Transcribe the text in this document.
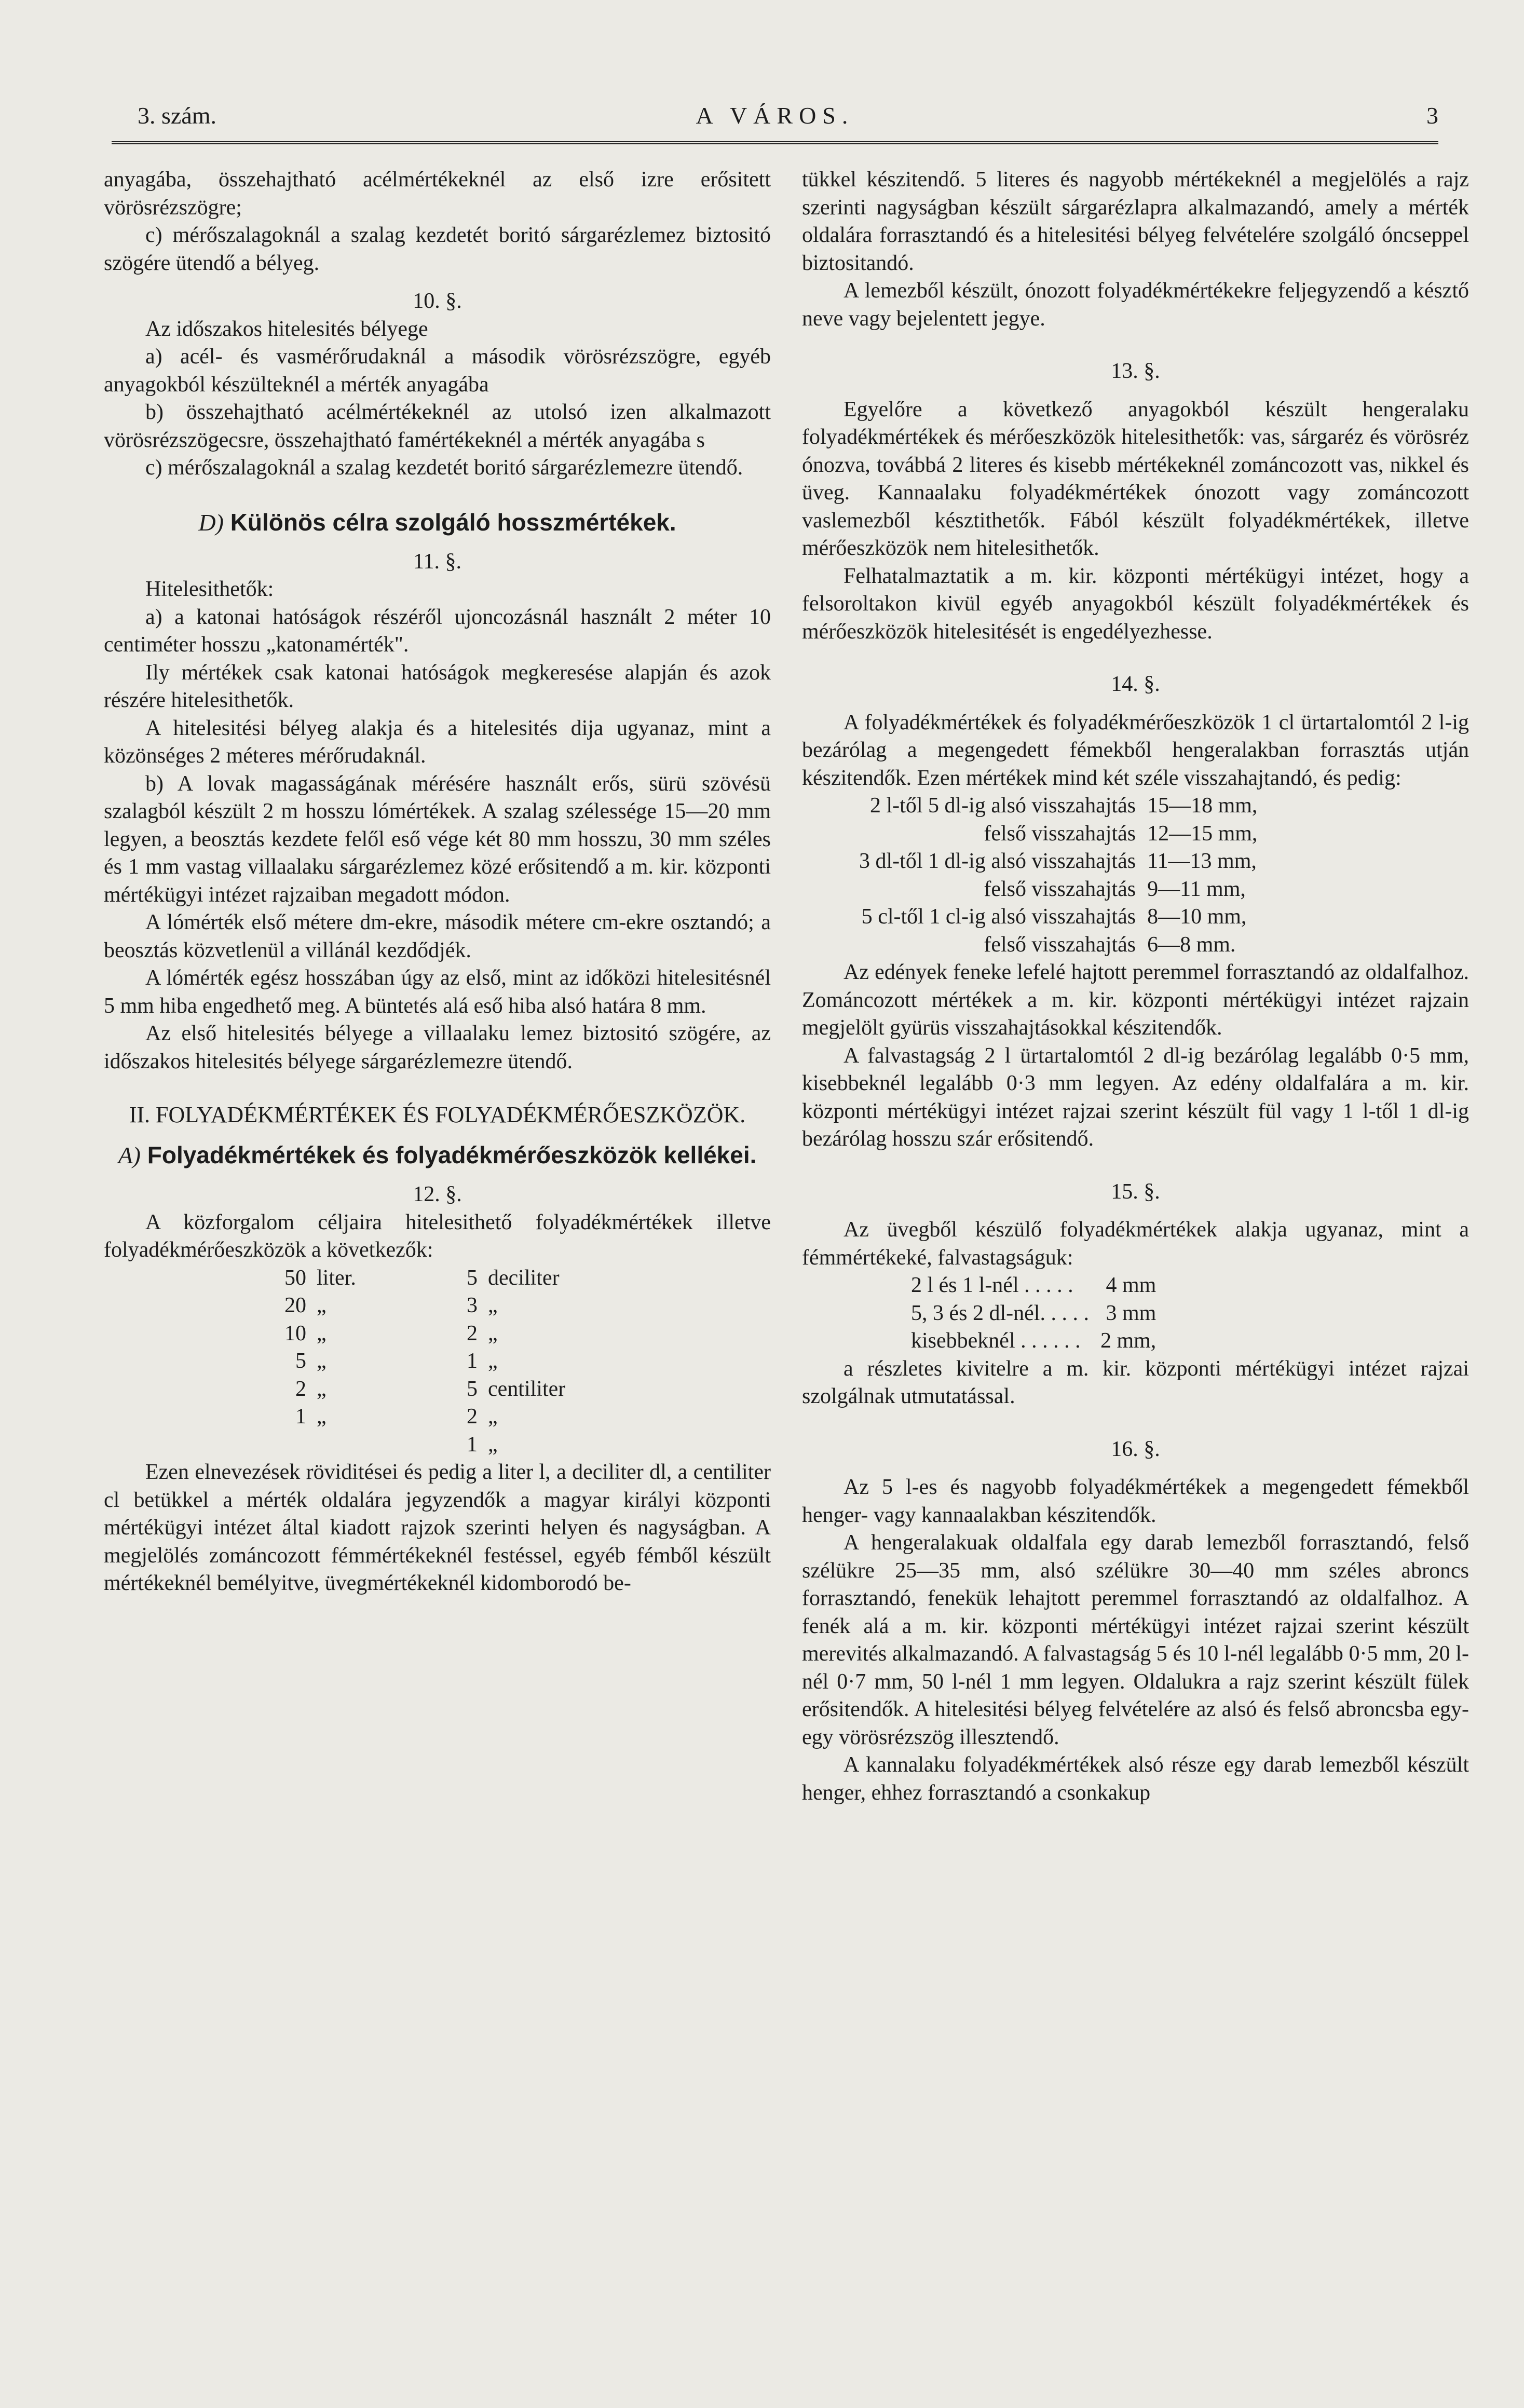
3. szám.	A VÁROS.	3

anyagába, összehajtható acélmértékeknél az első izre erősitett vörösrézszögre;

c) mérőszalagoknál a szalag kezdetét boritó sárgarézlemez biztositó szögére ütendő a bélyeg.

10. §.

Az időszakos hitelesités bélyege

a) acél- és vasmérőrudaknál a második vörösrézszögre, egyéb anyagokból készülteknél a mérték anyagába

b) összehajtható acélmértékeknél az utolsó izen alkalmazott vörösrézszögecsre, összehajtható famértékeknél a mérték anyagába s

c) mérőszalagoknál a szalag kezdetét boritó sárgarézlemezre ütendő.

D) Különös célra szolgáló hosszmértékek.

11. §.

Hitelesithetők:

a) a katonai hatóságok részéről ujoncozásnál használt 2 méter 10 centiméter hosszu „katonamérték".

Ily mértékek csak katonai hatóságok megkeresése alapján és azok részére hitelesithetők.

A hitelesitési bélyeg alakja és a hitelesités dija ugyanaz, mint a közönséges 2 méteres mérőrudaknál.

b) A lovak magasságának mérésére használt erős, sürü szövésü szalagból készült 2 m hosszu lómértékek. A szalag szélessége 15—20 mm legyen, a beosztás kezdete felől eső vége két 80 mm hosszu, 30 mm széles és 1 mm vastag villaalaku sárgarézlemez közé erősitendő a m. kir. központi mértékügyi intézet rajzaiban megadott módon.

A lómérték első métere dm-ekre, második métere cm-ekre osztandó; a beosztás közvetlenül a villánál kezdődjék.

A lómérték egész hosszában úgy az első, mint az időközi hitelesitésnél 5 mm hiba engedhető meg. A büntetés alá eső hiba alsó határa 8 mm.

Az első hitelesités bélyege a villaalaku lemez biztositó szögére, az időszakos hitelesités bélyege sárgarézlemezre ütendő.

II. FOLYADÉKMÉRTÉKEK ÉS FOLYADÉKMÉRŐESZKÖZÖK.

A) Folyadékmértékek és folyadékmérőeszközök kellékei.

12. §.

A közforgalom céljaira hitelesithető folyadékmértékek illetve folyadékmérőeszközök a következők:

50	liter.	5	deciliter
20	„	3	„
10	„	2	„
5	„	1	„
2	„	5	centiliter
1	„	2	„
		1	„

Ezen elnevezések röviditései és pedig a liter l, a deciliter dl, a centiliter cl betükkel a mérték oldalára jegyzendők a magyar királyi központi mértékügyi intézet által kiadott rajzok szerinti helyen és nagyságban. A megjelölés zománcozott fémmértékeknél festéssel, egyéb fémből készült mértékeknél bemélyitve, üvegmértékeknél kidomborodó be-

tükkel készitendő. 5 literes és nagyobb mértékeknél a megjelölés a rajz szerinti nagyságban készült sárgarézlapra alkalmazandó, amely a mérték oldalára forrasztandó és a hitelesitési bélyeg felvételére szolgáló óncseppel biztositandó.

A lemezből készült, ónozott folyadékmértékekre feljegyzendő a késztő neve vagy bejelentett jegye.

13. §.

Egyelőre a következő anyagokból készült hengeralaku folyadékmértékek és mérőeszközök hitelesithetők: vas, sárgaréz és vörösréz ónozva, továbbá 2 literes és kisebb mértékeknél zománcozott vas, nikkel és üveg. Kannaalaku folyadékmértékek ónozott vagy zománcozott vaslemezből késztithetők. Fából készült folyadékmértékek, illetve mérőeszközök nem hitelesithetők.

Felhatalmaztatik a m. kir. központi mértékügyi intézet, hogy a felsoroltakon kivül egyéb anyagokból készült folyadékmértékek és mérőeszközök hitelesitését is engedélyezhesse.

14. §.

A folyadékmértékek és folyadékmérőeszközök 1 cl ürtartalomtól 2 l-ig bezárólag a megengedett fémekből hengeralakban forrasztás utján készitendők. Ezen mértékek mind két széle visszahajtandó, és pedig:

2 l-től 5 dl-ig alsó visszahajtás	15—18 mm,
felső visszahajtás	12—15 mm,
3 dl-től 1 dl-ig alsó visszahajtás	11—13 mm,
felső visszahajtás	9—11 mm,
5 cl-től 1 cl-ig alsó visszahajtás	8—10 mm,
felső visszahajtás	6—8 mm.

Az edények feneke lefelé hajtott peremmel forrasztandó az oldalfalhoz. Zománcozott mértékek a m. kir. központi mértékügyi intézet rajzain megjelölt gyürüs visszahajtásokkal készitendők.

A falvastagság 2 l ürtartalomtól 2 dl-ig bezárólag legalább 0·5 mm, kisebbeknél legalább 0·3 mm legyen. Az edény oldalfalára a m. kir. központi mértékügyi intézet rajzai szerint készült fül vagy 1 l-től 1 dl-ig bezárólag hosszu szár erősitendő.

15. §.

Az üvegből készülő folyadékmértékek alakja ugyanaz, mint a fémmértékeké, falvastagságuk:

2 l és 1 l-nél . . . . .	4 mm
5, 3 és 2 dl-nél. . . . .	3 mm
kisebbeknél . . . . . .	2 mm,

a részletes kivitelre a m. kir. központi mértékügyi intézet rajzai szolgálnak utmutatással.

16. §.

Az 5 l-es és nagyobb folyadékmértékek a megengedett fémekből henger- vagy kannaalakban készitendők.

A hengeralakuak oldalfala egy darab lemezből forrasztandó, felső szélükre 25—35 mm, alsó szélükre 30—40 mm széles abroncs forrasztandó, fenekük lehajtott peremmel forrasztandó az oldalfalhoz. A fenék alá a m. kir. központi mértékügyi intézet rajzai szerint készült merevités alkalmazandó. A falvastagság 5 és 10 l-nél legalább 0·5 mm, 20 l-nél 0·7 mm, 50 l-nél 1 mm legyen. Oldalukra a rajz szerint készült fülek erősitendők. A hitelesitési bélyeg felvételére az alsó és felső abroncsba egy-egy vörösrézszög illesztendő.

A kannalaku folyadékmértékek alsó része egy darab lemezből készült henger, ehhez forrasztandó a csonkakup
